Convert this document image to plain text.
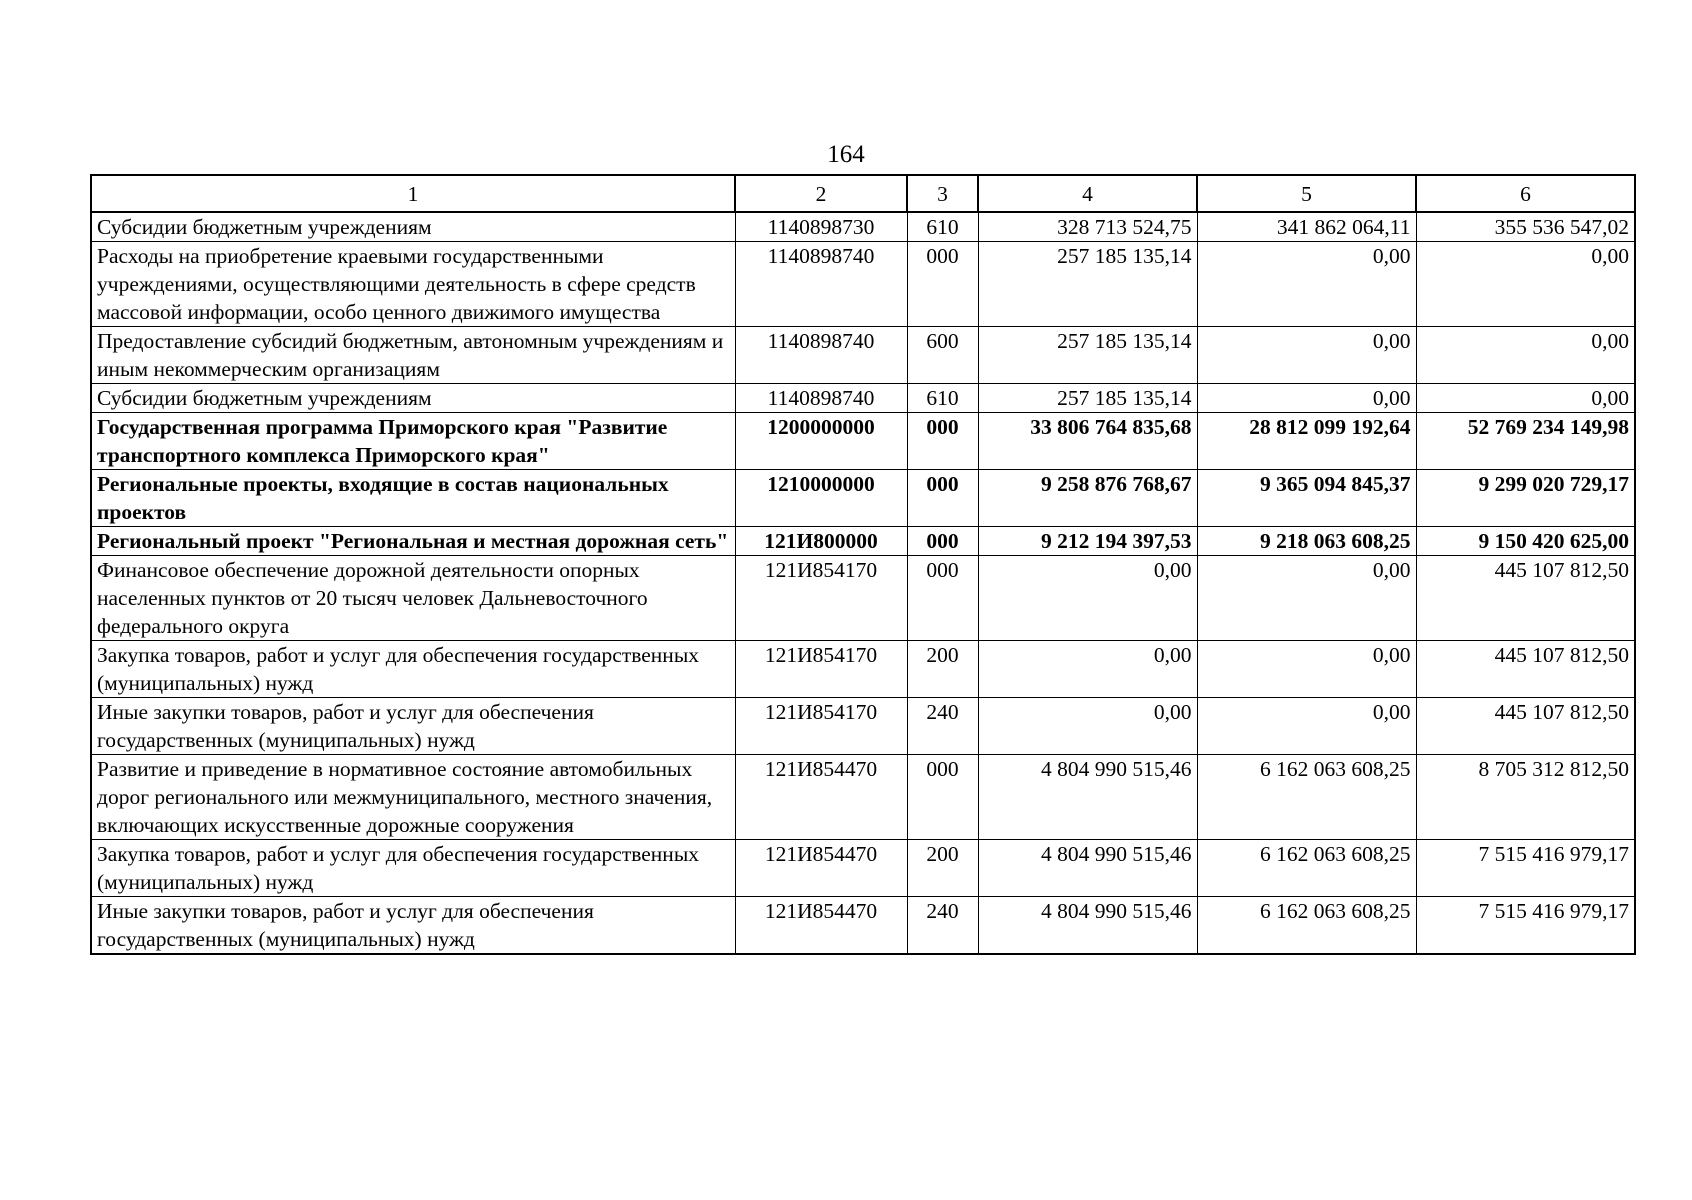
164
1	2	3	4	5	6
Субсидии бюджетным учреждениям	1140898730	610	328 713 524,75	341 862 064,11	355 536 547,02
Расходы на приобретение краевыми государственными учреждениями, осуществляющими деятельность в сфере средств массовой информации, особо ценного движимого имущества	1140898740	000	257 185 135,14	0,00	0,00
Предоставление субсидий бюджетным, автономным учреждениям и иным некоммерческим организациям	1140898740	600	257 185 135,14	0,00	0,00
Субсидии бюджетным учреждениям	1140898740	610	257 185 135,14	0,00	0,00
Государственная программа Приморского края "Развитие транспортного комплекса Приморского края"	1200000000	000	33 806 764 835,68	28 812 099 192,64	52 769 234 149,98
Региональные проекты, входящие в состав национальных проектов	1210000000	000	9 258 876 768,67	9 365 094 845,37	9 299 020 729,17
Региональный проект "Региональная и местная дорожная сеть"	121И800000	000	9 212 194 397,53	9 218 063 608,25	9 150 420 625,00
Финансовое обеспечение дорожной деятельности опорных населенных пунктов от 20 тысяч человек Дальневосточного федерального округа	121И854170	000	0,00	0,00	445 107 812,50
Закупка товаров, работ и услуг для обеспечения государственных (муниципальных) нужд	121И854170	200	0,00	0,00	445 107 812,50
Иные закупки товаров, работ и услуг для обеспечения государственных (муниципальных) нужд	121И854170	240	0,00	0,00	445 107 812,50
Развитие и приведение в нормативное состояние автомобильных дорог регионального или межмуниципального, местного значения, включающих искусственные дорожные сооружения	121И854470	000	4 804 990 515,46	6 162 063 608,25	8 705 312 812,50
Закупка товаров, работ и услуг для обеспечения государственных (муниципальных) нужд	121И854470	200	4 804 990 515,46	6 162 063 608,25	7 515 416 979,17
Иные закупки товаров, работ и услуг для обеспечения государственных (муниципальных) нужд	121И854470	240	4 804 990 515,46	6 162 063 608,25	7 515 416 979,17
